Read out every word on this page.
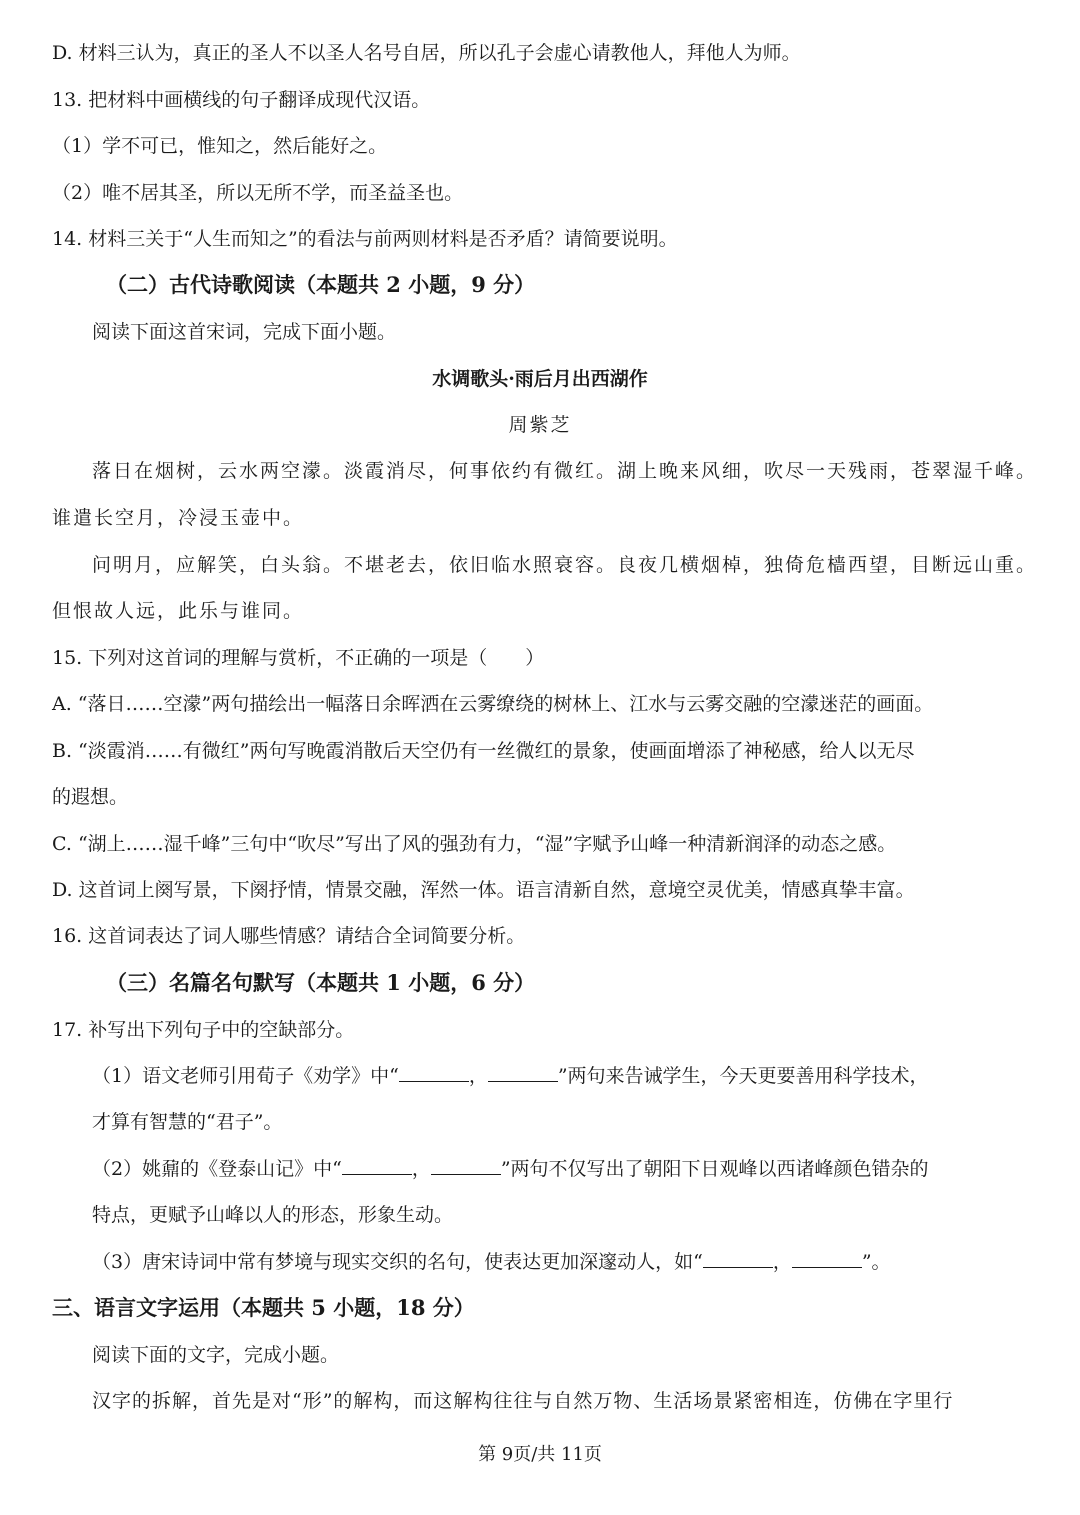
D. 材料三认为，真正的圣人不以圣人名号自居，所以孔子会虚心请教他人，拜他人为师。
13. 把材料中画横线的句子翻译成现代汉语。
（1）学不可已，惟知之，然后能好之。
（2）唯不居其圣，所以无所不学，而圣益圣也。
14. 材料三关于“人生而知之”的看法与前两则材料是否矛盾？请简要说明。
（二）古代诗歌阅读（本题共 2 小题，9 分）
阅读下面这首宋词，完成下面小题。
水调歌头·雨后月出西湖作
周紫芝
落日在烟树，云水两空濛。淡霞消尽，何事依约有微红。湖上晚来风细，吹尽一天残雨，苍翠湿千峰。
谁遣长空月，冷浸玉壶中。
问明月，应解笑，白头翁。不堪老去，依旧临水照衰容。良夜几横烟棹，独倚危樯西望，目断远山重。
但恨故人远，此乐与谁同。
15. 下列对这首词的理解与赏析，不正确的一项是（　　）
A. “落日……空濛”两句描绘出一幅落日余晖洒在云雾缭绕的树林上、江水与云雾交融的空濛迷茫的画面。
B. “淡霞消……有微红”两句写晚霞消散后天空仍有一丝微红的景象，使画面增添了神秘感，给人以无尽
的遐想。
C. “湖上……湿千峰”三句中“吹尽”写出了风的强劲有力，“湿”字赋予山峰一种清新润泽的动态之感。
D. 这首词上阕写景，下阕抒情，情景交融，浑然一体。语言清新自然，意境空灵优美，情感真挚丰富。
16. 这首词表达了词人哪些情感？请结合全词简要分析。
（三）名篇名句默写（本题共 1 小题，6 分）
17. 补写出下列句子中的空缺部分。
（1）语文老师引用荀子《劝学》中“	，	”两句来告诫学生，今天更要善用科学技术，
才算有智慧的“君子”。
（2）姚鼐的《登泰山记》中“	，	”两句不仅写出了朝阳下日观峰以西诸峰颜色错杂的
特点，更赋予山峰以人的形态，形象生动。
（3）唐宋诗词中常有梦境与现实交织的名句，使表达更加深邃动人，如“	，	”。
三、语言文字运用（本题共 5 小题，18 分）
阅读下面的文字，完成小题。
汉字的拆解，首先是对“形”的解构，而这解构往往与自然万物、生活场景紧密相连，仿佛在字里行
第 9页/共 11页
